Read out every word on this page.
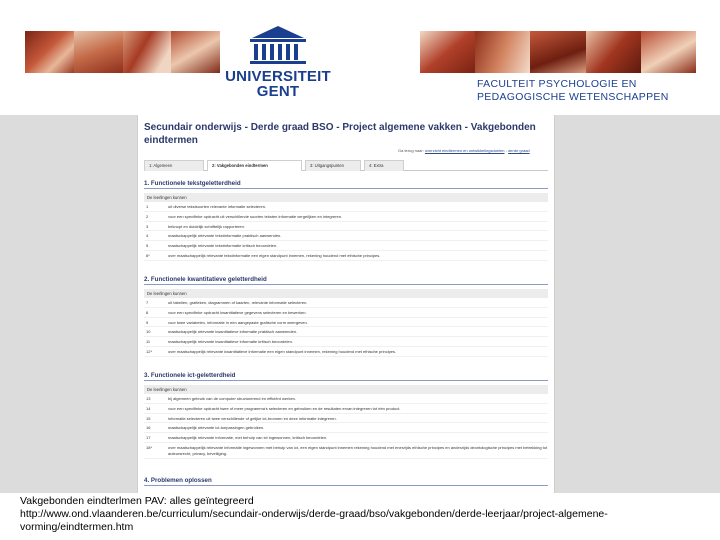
UNIVERSITEIT
GENT	FACULTEIT PSYCHOLOGIE EN
PEDAGOGISCHE WETENSCHAPPEN
Secundair onderwijs - Derde graad BSO - Project algemene vakken - Vakgebonden eindtermen
Ga terug naar: overzicht eindtermen en ontwikkelingsdoelen - derde graad
1: Algemeen	2: Vakgebonden eindtermen	3: Uitgangspunten	4: Extra
1. Functionele tekstgeletterdheid
De leerlingen kunnen
1	uit diverse tekstsoorten relevante informatie selecteren.
2	voor een specifieke opdracht uit verschillende soorten teksten informatie vergelijken en integreren.
3	beknopt en duidelijk schriftelijk rapporteren.
4	maatschappelijk relevante tekstinformatie praktisch aanwenden.
5	maatschappelijk relevante tekstinformatie kritisch beoordelen.
6*	over maatschappelijk relevante tekstinformatie een eigen standpunt innemen, rekening houdend met ethische principes.
2. Functionele kwantitatieve geletterdheid
De leerlingen kunnen
7	uit tabellen, grafieken, diagrammen of kaarten, relevante informatie selecteren.
8	voor een specifieke opdracht kwantitatieve gegevens selecteren en bewerken.
9	voor twee variabelen, informatie in een aangepaste grafische vorm weergeven.
10	maatschappelijk relevante kwantitatieve informatie praktisch aanwenden.
11	maatschappelijk relevante kwantitatieve informatie kritisch beoordelen.
12*	over maatschappelijk relevante kwantitatieve informatie een eigen standpunt innemen, rekening houdend met ethische principes.
3. Functionele ict-geletterdheid
De leerlingen kunnen
13	bij algemeen gebruik van de computer structurerend en efficiënt werken.
14	voor een specifieke opdracht twee of meer programma's selecteren en gebruiken en de resultaten ervan integreren tot één product.
15	informatie selecteren uit twee verschillende of gelijke ict-bronnen en deze informatie integreren.
16	maatschappelijk relevante ict-toepassingen gebruiken.
17	maatschappelijk relevante informatie, met behulp van ict ingewonnen, kritisch beoordelen.
18*	over maatschappelijk relevante informatie ingewonnen met behulp van ict, een eigen standpunt innemen rekening houdend met enerzijds ethische principes en anderzijds deontologische principes met betrekking tot auteursrecht, privacy, beveiliging.
4. Problemen oplossen
Vakgebonden eindterlmen PAV: alles geïntegreerd
http://www.ond.vlaanderen.be/curriculum/secundair-onderwijs/derde-graad/bso/vakgebonden/derde-leerjaar/project-algemene-vorming/eindtermen.htm
